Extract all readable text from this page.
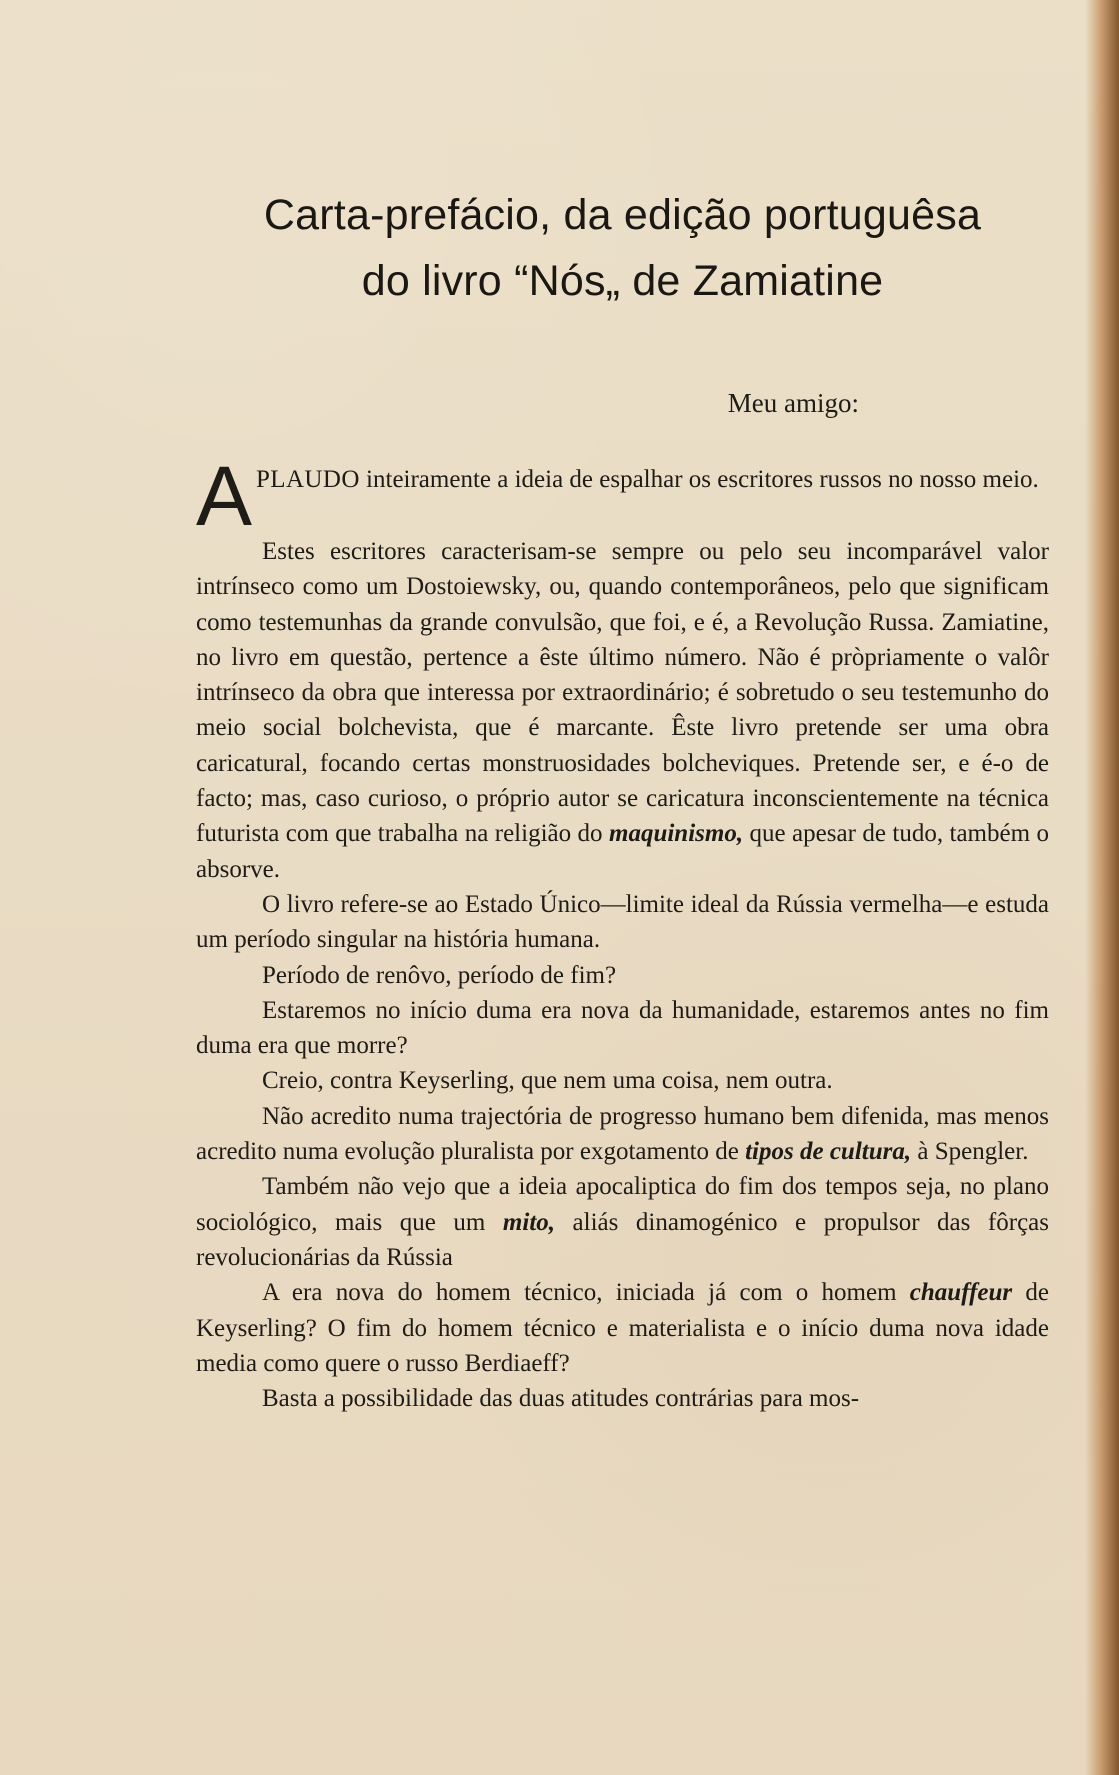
Carta-prefácio, da edição portuguêsa
do livro “Nós„ de Zamiatine
Meu amigo:

A PLAUDO inteiramente a ideia de espalhar os escritores russos no nosso meio.

Estes escritores caracterisam-se sempre ou pelo seu incomparável valor intrínseco como um Dostoiewsky, ou, quando contemporâneos, pelo que significam como testemunhas da grande convulsão, que foi, e é, a Revolução Russa. Zamiatine, no livro em questão, pertence a êste último número. Não é pròpriamente o valôr intrínseco da obra que interessa por extraordinário; é sobretudo o seu testemunho do meio social bolchevista, que é marcante. Êste livro pretende ser uma obra caricatural, focando certas monstruosidades bolcheviques. Pretende ser, e é-o de facto; mas, caso curioso, o próprio autor se caricatura inconscientemente na técnica futurista com que trabalha na religião do maquinismo, que apesar de tudo, também o absorve.

O livro refere-se ao Estado Único—limite ideal da Rússia vermelha—e estuda um período singular na história humana.

Período de renôvo, período de fim?

Estaremos no início duma era nova da humanidade, estaremos antes no fim duma era que morre?

Creio, contra Keyserling, que nem uma coisa, nem outra.

Não acredito numa trajectória de progresso humano bem difenida, mas menos acredito numa evolução pluralista por exgotamento de tipos de cultura, à Spengler.

Também não vejo que a ideia apocaliptica do fim dos tempos seja, no plano sociológico, mais que um mito, aliás dinamogénico e propulsor das fôrças revolucionárias da Rússia

A era nova do homem técnico, iniciada já com o homem chauffeur de Keyserling? O fim do homem técnico e materialista e o início duma nova idade media como quere o russo Berdiaeff?

Basta a possibilidade das duas atitudes contrárias para mos-
